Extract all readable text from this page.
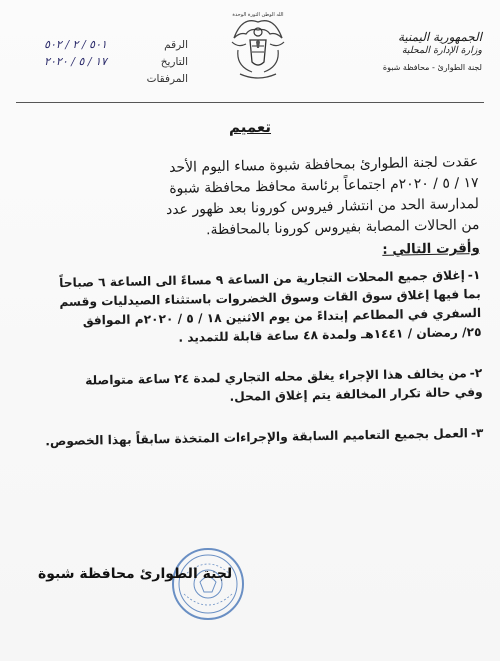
الجمهورية اليمنية
وزارة الإدارة المحلية
لجنة الطوارئ - محافظة شبوة
الله الوطن الثورة الوحدة
الرقم
٥٠١ / ٢ / ٥٠٢
التاريخ
١٧ / ٥ / ٢٠٢٠
المرفقات
تعميم

عقدت لجنة الطوارئ بمحافظة شبوة مساء اليوم الأحد

١٧ / ٥ / ٢٠٢٠م اجتماعاً برئاسة محافظ محافظة شبوة

لمدارسة الحد من انتشار فيروس كورونا بعد ظهور عدد

من الحالات المصابة بفيروس كورونا بالمحافظة.

وأقرت التالي :

١-إغلاق جميع المحلات التجارية من الساعة ٩ مساءً الى الساعة ٦ صباحاً

بما فيها إغلاق سوق القات وسوق الخضروات باستثناء الصيدليات وقسم

السفري في المطاعم إبتداءً من يوم الاثنين ١٨ / ٥ / ٢٠٢٠م الموافق

٢٥/ رمضان / ١٤٤١هـ ولمدة ٤٨ ساعة قابلة للتمديد .

٢-من يخالف هذا الإجراء يغلق محله التجاري لمدة ٢٤ ساعة متواصلة

وفي حالة تكرار المخالفة يتم إغلاق المحل.

٣-العمل بجميع التعاميم السابقة والإجراءات المتخذة سابقاً بهذا الخصوص.

لجنة الطوارئ محافظة شبوة
